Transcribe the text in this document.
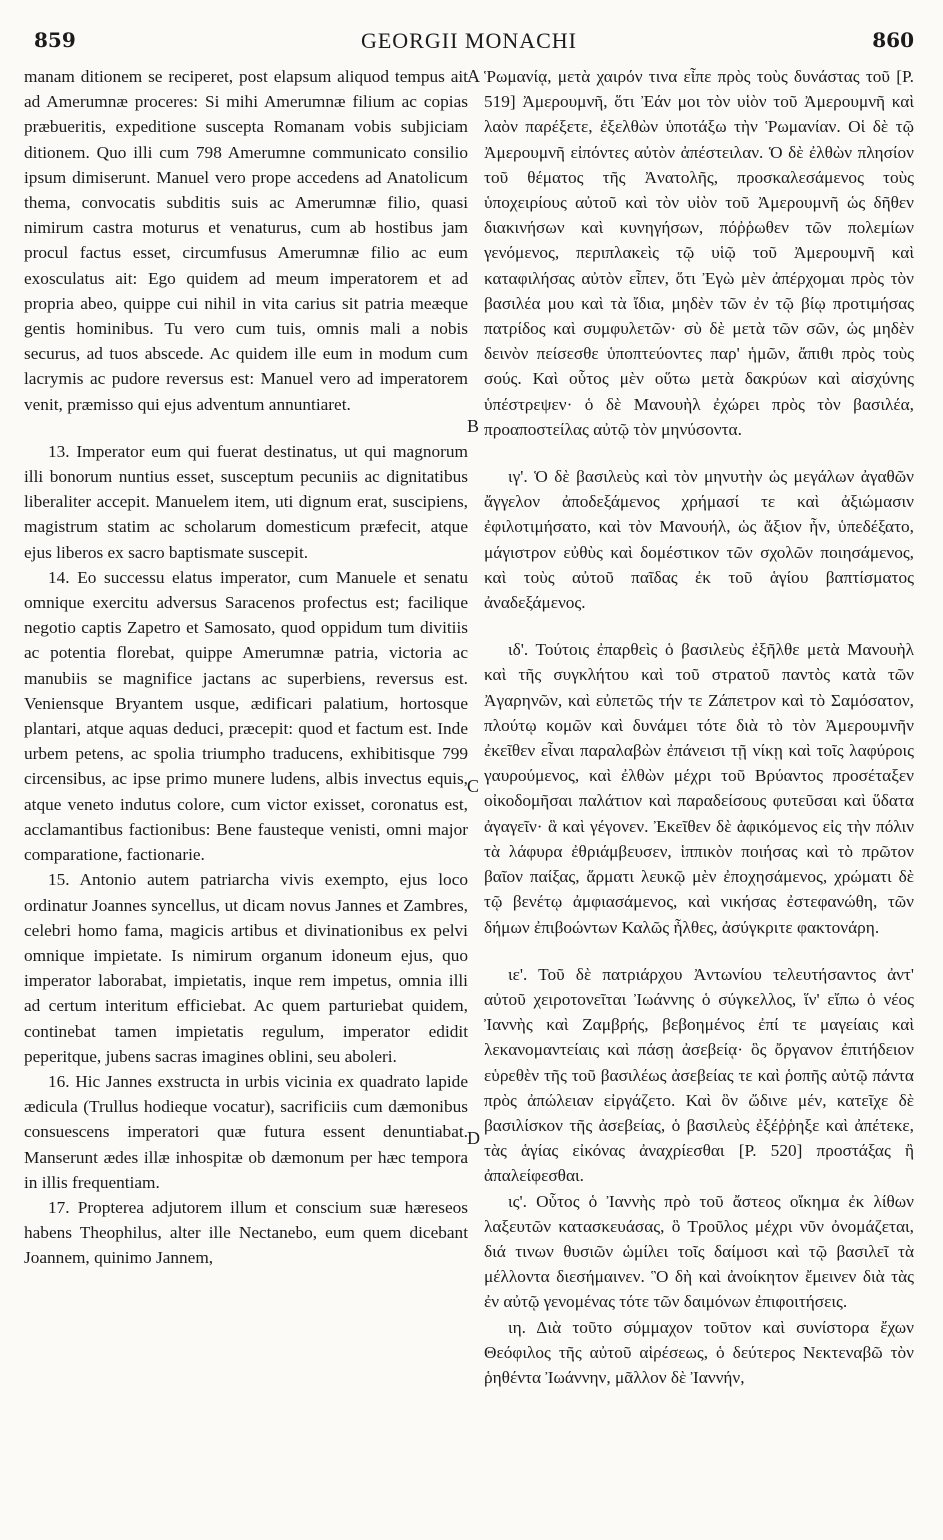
859	GEORGII MONACHI	860

manam ditionem se reciperet, post elapsum aliquod tempus ait ad Amerumnæ proceres: Si mihi Amerumnæ filium ac copias præbueritis, expeditione suscepta Romanam vobis subjiciam ditionem. Quo illi cum 798 Amerumne communicato consilio ipsum dimiserunt. Manuel vero prope accedens ad Anatolicum thema, convocatis subditis suis ac Amerumnæ filio, quasi nimirum castra moturus et venaturus, cum ab hostibus jam procul factus esset, circumfusus Amerumnæ filio ac eum exosculatus ait: Ego quidem ad meum imperatorem et ad propria abeo, quippe cui nihil in vita carius sit patria meæque gentis hominibus. Tu vero cum tuis, omnis mali a nobis securus, ad tuos abscede. Ac quidem ille eum in modum cum lacrymis ac pudore reversus est: Manuel vero ad imperatorem venit, præmisso qui ejus adventum annuntiaret.

13. Imperator eum qui fuerat destinatus, ut qui magnorum illi bonorum nuntius esset, susceptum pecuniis ac dignitatibus liberaliter accepit. Manuelem item, uti dignum erat, suscipiens, magistrum statim ac scholarum domesticum præfecit, atque ejus liberos ex sacro baptismate suscepit.

14. Eo successu elatus imperator, cum Manuele et senatu omnique exercitu adversus Saracenos profectus est; facilique negotio captis Zapetro et Samosato, quod oppidum tum divitiis ac potentia florebat, quippe Amerumnæ patria, victoria ac manubiis se magnifice jactans ac superbiens, reversus est. Veniensque Bryantem usque, ædificari palatium, hortosque plantari, atque aquas deduci, præcepit: quod et factum est. Inde urbem petens, ac spolia triumpho traducens, exhibitisque 799 circensibus, ac ipse primo munere ludens, albis invectus equis, atque veneto indutus colore, cum victor exisset, coronatus est, acclamantibus factionibus: Bene fausteque venisti, omni major comparatione, factionarie.

15. Antonio autem patriarcha vivis exempto, ejus loco ordinatur Joannes syncellus, ut dicam novus Jannes et Zambres, celebri homo fama, magicis artibus et divinationibus ex pelvi omnique impietate. Is nimirum organum idoneum ejus, quo imperator laborabat, impietatis, inque rem impetus, omnia illi ad certum interitum efficiebat. Ac quem parturiebat quidem, continebat tamen impietatis regulum, imperator edidit peperitque, jubens sacras imagines oblini, seu aboleri.

16. Hic Jannes exstructa in urbis vicinia ex quadrato lapide ædicula (Trullus hodieque vocatur), sacrificiis cum dæmonibus consuescens imperatori quæ futura essent denuntiabat. Manserunt ædes illæ inhospitæ ob dæmonum per hæc tempora in illis frequentiam.

17. Propterea adjutorem illum et conscium suæ hæreseos habens Theophilus, alter ille Nectanebo, eum quem dicebant Joannem, quinimo Jannem,

A
B
C
D

Ῥωμανίᾳ, μετὰ χαιρόν τινα εἶπε πρὸς τοὺς δυνάστας τοῦ [P. 519] Ἀμερουμνῆ, ὅτι Ἐάν μοι τὸν υἱὸν τοῦ Ἀμερουμνῆ καὶ λαὸν παρέξετε, ἐξελθὼν ὑποτάξω τὴν Ῥωμανίαν. Οἱ δὲ τῷ Ἀμερουμνῆ εἰπόντες αὐτὸν ἀπέστειλαν. Ὁ δὲ ἐλθὼν πλησίον τοῦ θέματος τῆς Ἀνατολῆς, προσκαλεσάμενος τοὺς ὑποχειρίους αὐτοῦ καὶ τὸν υἱὸν τοῦ Ἀμερουμνῆ ὡς δῆθεν διακινήσων καὶ κυνηγήσων, πόῤῥωθεν τῶν πολεμίων γενόμενος, περιπλακεὶς τῷ υἱῷ τοῦ Ἀμερουμνῆ καὶ καταφιλήσας αὐτὸν εἶπεν, ὅτι Ἐγὼ μὲν ἀπέρχομαι πρὸς τὸν βασιλέα μου καὶ τὰ ἴδια, μηδὲν τῶν ἐν τῷ βίῳ προτιμήσας πατρίδος καὶ συμφυλετῶν· σὺ δὲ μετὰ τῶν σῶν, ὡς μηδὲν δεινὸν πείσεσθε ὑποπτεύοντες παρ' ἡμῶν, ἄπιθι πρὸς τοὺς σούς. Καὶ οὗτος μὲν οὕτω μετὰ δακρύων καὶ αἰσχύνης ὑπέστρεψεν· ὁ δὲ Μανουὴλ ἐχώρει πρὸς τὸν βασιλέα, προαποστείλας αὐτῷ τὸν μηνύσοντα.

ιγ'. Ὁ δὲ βασιλεὺς καὶ τὸν μηνυτὴν ὡς μεγάλων ἀγαθῶν ἄγγελον ἀποδεξάμενος χρήμασί τε καὶ ἀξιώμασιν ἐφιλοτιμήσατο, καὶ τὸν Μανουήλ, ὡς ἄξιον ἦν, ὑπεδέξατο, μάγιστρον εὐθὺς καὶ δομέστικον τῶν σχολῶν ποιησάμενος, καὶ τοὺς αὐτοῦ παῖδας ἐκ τοῦ ἁγίου βαπτίσματος ἀναδεξάμενος.

ιδ'. Τούτοις ἐπαρθεὶς ὁ βασιλεὺς ἐξῆλθε μετὰ Μανουὴλ καὶ τῆς συγκλήτου καὶ τοῦ στρατοῦ παντὸς κατὰ τῶν Ἀγαρηνῶν, καὶ εὐπετῶς τήν τε Ζάπετρον καὶ τὸ Σαμόσατον, πλούτῳ κομῶν καὶ δυνάμει τότε διὰ τὸ τὸν Ἀμερουμνῆν ἐκεῖθεν εἶναι παραλαβὼν ἐπάνεισι τῇ νίκῃ καὶ τοῖς λαφύροις γαυρούμενος, καὶ ἐλθὼν μέχρι τοῦ Βρύαντος προσέταξεν οἰκοδομῆσαι παλάτιον καὶ παραδείσους φυτεῦσαι καὶ ὕδατα ἀγαγεῖν· ἃ καὶ γέγονεν. Ἐκεῖθεν δὲ ἀφικόμενος εἰς τὴν πόλιν τὰ λάφυρα ἐθριάμβευσεν, ἱππικὸν ποιήσας καὶ τὸ πρῶτον βαῖον παίξας, ἅρματι λευκῷ μὲν ἐποχησάμενος, χρώματι δὲ τῷ βενέτῳ ἀμφιασάμενος, καὶ νικήσας ἐστεφανώθη, τῶν δήμων ἐπιβοώντων Καλῶς ἦλθες, ἀσύγκριτε φακτονάρη.

ιε'. Τοῦ δὲ πατριάρχου Ἀντωνίου τελευτήσαντος ἀντ' αὐτοῦ χειροτονεῖται Ἰωάννης ὁ σύγκελλος, ἵν' εἴπω ὁ νέος Ἰαννὴς καὶ Ζαμβρής, βεβοημένος ἐπί τε μαγείαις καὶ λεκανομαντείαις καὶ πάσῃ ἀσεβείᾳ· ὃς ὄργανον ἐπιτήδειον εὑρεθὲν τῆς τοῦ βασιλέως ἀσεβείας τε καὶ ῥοπῆς αὐτῷ πάντα πρὸς ἀπώλειαν εἰργάζετο. Καὶ ὃν ὤδινε μέν, κατεῖχε δὲ βασιλίσκον τῆς ἀσεβείας, ὁ βασιλεὺς ἐξέῤῥηξε καὶ ἀπέτεκε, τὰς ἁγίας εἰκόνας ἀναχρίεσθαι [P. 520] προστάξας ἢ ἀπαλείφεσθαι.

ις'. Οὗτος ὁ Ἰαννὴς πρὸ τοῦ ἄστεος οἴκημα ἐκ λίθων λαξευτῶν κατασκευάσας, ὃ Τροῦλος μέχρι νῦν ὀνομάζεται, διά τινων θυσιῶν ὡμίλει τοῖς δαίμοσι καὶ τῷ βασιλεῖ τὰ μέλλοντα διεσήμαινεν. Ὃ δὴ καὶ ἀνοίκητον ἔμεινεν διὰ τὰς ἐν αὐτῷ γενομένας τότε τῶν δαιμόνων ἐπιφοιτήσεις.

ιη. Διὰ τοῦτο σύμμαχον τοῦτον καὶ συνίστορα ἔχων Θεόφιλος τῆς αὐτοῦ αἱρέσεως, ὁ δεύτερος Νεκτεναβῶ τὸν ῥηθέντα Ἰωάννην, μᾶλλον δὲ Ἰαννήν,
